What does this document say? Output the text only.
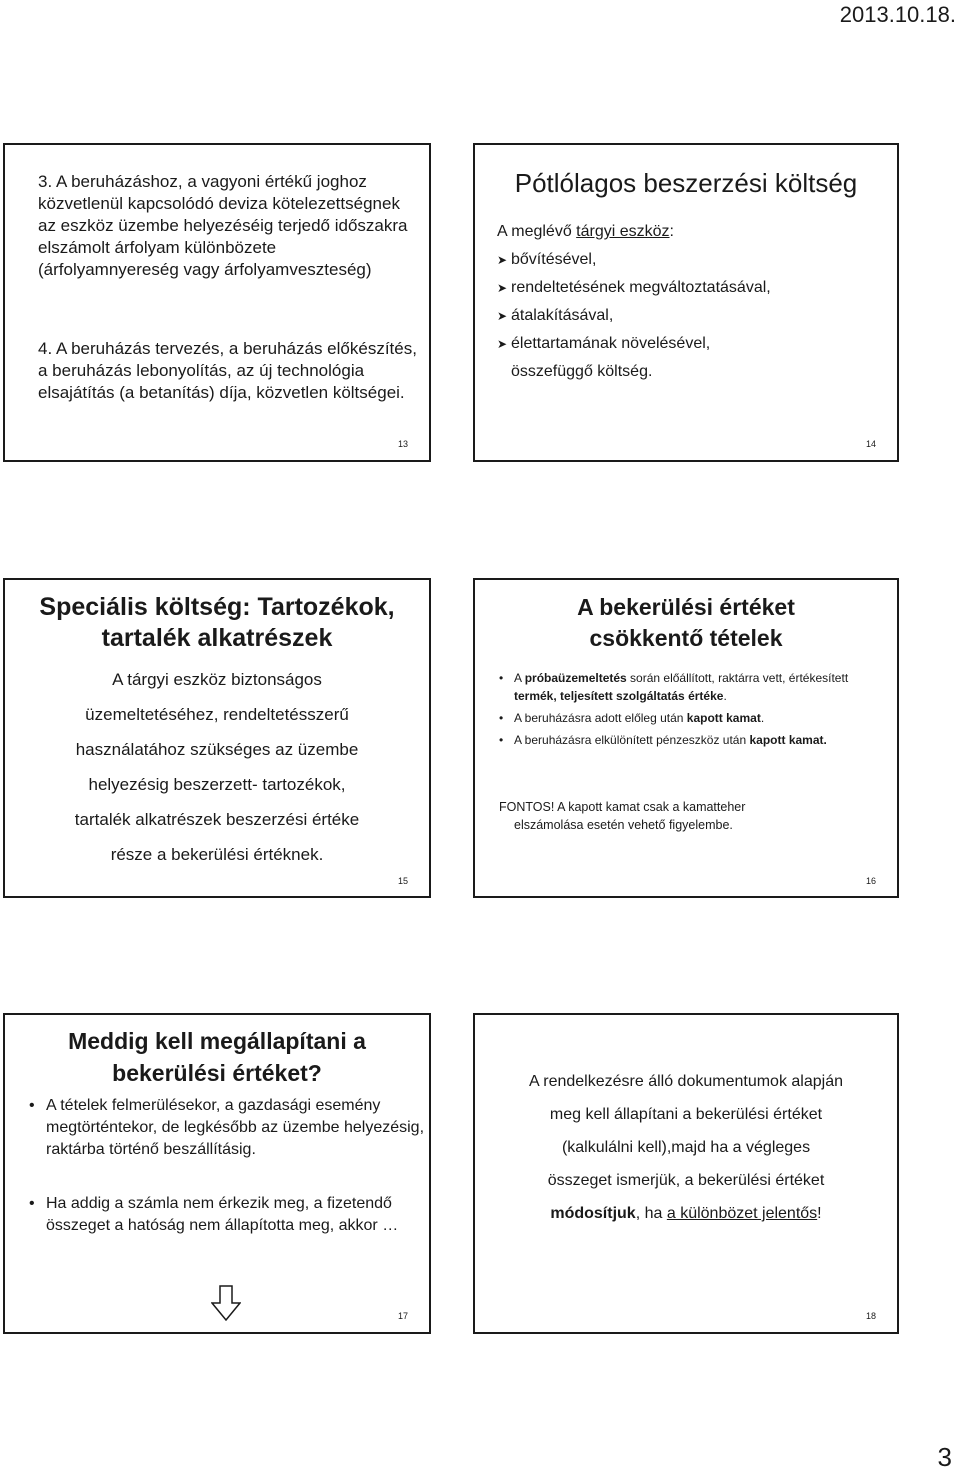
2013.10.18.
3. A beruházáshoz, a vagyoni értékű joghoz közvetlenül kapcsolódó deviza kötelezettségnek az eszköz üzembe helyezéséig terjedő időszakra elszámolt árfolyam különbözete (árfolyamnyereség vagy árfolyamveszteség)
4. A beruházás tervezés, a beruházás előkészítés, a beruházás lebonyolítás, az új technológia elsajátítás (a betanítás) díja, közvetlen költségei.
13
Pótlólagos beszerzési költség
A meglévő tárgyi eszköz:
➤ bővítésével,
➤ rendeltetésének megváltoztatásával,
➤ átalakításával,
➤ élettartamának növelésével,
összefüggő költség.
14
Speciális költség: Tartozékok,
tartalék alkatrészek
A tárgyi eszköz biztonságos
üzemeltetéséhez, rendeltetésszerű
használatához szükséges az üzembe
helyezésig beszerzett- tartozékok,
tartalék alkatrészek beszerzési értéke
része a bekerülési értéknek.
15
A bekerülési értéket
csökkentő tételek
• A próbaüzemeltetés során előállított, raktárra vett, értékesített termék, teljesített szolgáltatás értéke.
• A beruházásra adott előleg után kapott kamat.
• A beruházásra elkülönített pénzeszköz után kapott kamat.
FONTOS! A kapott kamat csak a kamatteher
elszámolása esetén vehető figyelembe.
16
Meddig kell megállapítani a
bekerülési értéket?
• A tételek felmerülésekor, a gazdasági esemény megtörténtekor, de legkésőbb az üzembe helyezésig, raktárba történő beszállításig.
• Ha addig a számla nem érkezik meg, a fizetendő összeget a hatóság nem állapította meg, akkor …
17
A rendelkezésre álló dokumentumok alapján
meg kell állapítani a bekerülési értéket
(kalkulálni kell),majd ha a végleges
összeget ismerjük, a bekerülési értéket
módosítjuk, ha a különbözet jelentős!
18
3
